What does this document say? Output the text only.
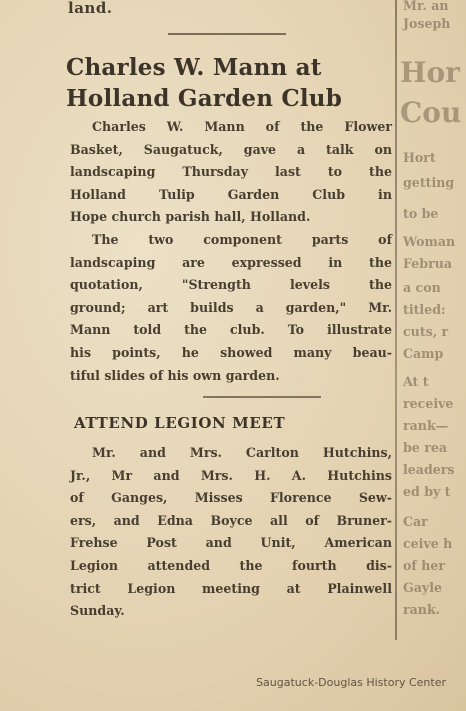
land.

Charles W. Mann at
Holland Garden Club
Charles W. Mann of the Flower
Basket, Saugatuck, gave a talk on
landscaping Thursday last to the
Holland Tulip Garden Club in
Hope church parish hall, Holland.
The two component parts of
landscaping are expressed in the
quotation, "Strength levels the
ground; art builds a garden," Mr.
Mann told the club. To illustrate
his points, he showed many beau-
tiful slides of his own garden.
ATTEND LEGION MEET
Mr. and Mrs. Carlton Hutchins,
Jr., Mr and Mrs. H. A. Hutchins
of Ganges, Misses Florence Sew-
ers, and Edna Boyce all of Bruner-
Frehse Post and Unit, American
Legion attended the fourth dis-
trict Legion meeting at Plainwell
Sunday.
Mr. an
Joseph
Hor
Cou
Hort
getting
to be
Woman
Februa
a con
titled:
cuts, r
Camp
At t
receive
rank—
be rea
leaders
ed by t
Car
ceive h
of her
Gayle
rank.
Saugatuck-Douglas History Center
